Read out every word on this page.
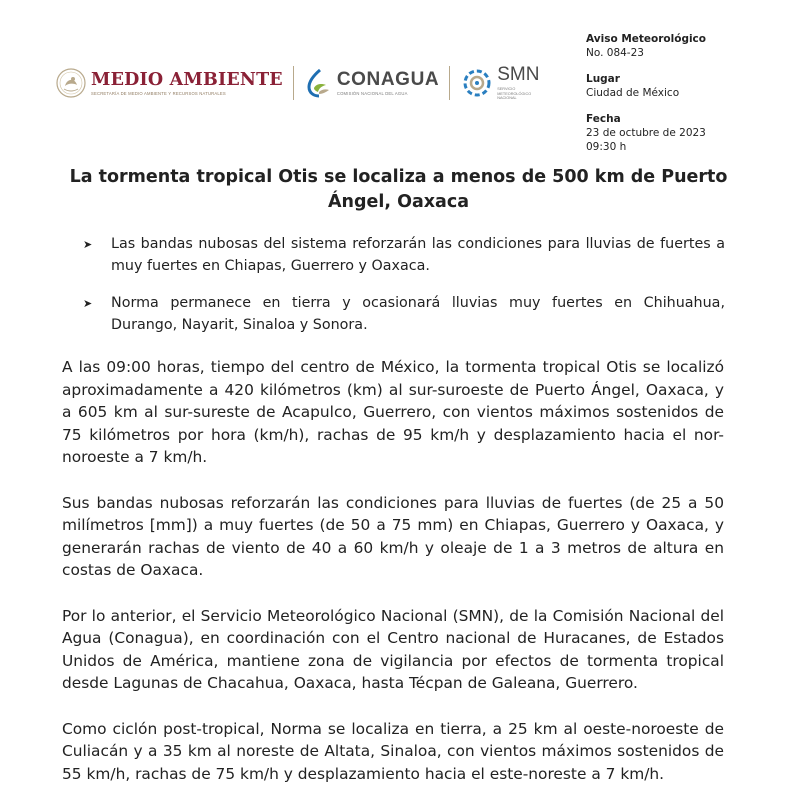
MEDIO AMBIENTE
SECRETARÍA DE MEDIO AMBIENTE Y RECURSOS NATURALES
CONAGUA
COMISIÓN NACIONAL DEL AGUA
SMN
SERVICIO
METEOROLÓGICO
NACIONAL
Aviso Meteorológico
No. 084-23
Lugar
Ciudad de México
Fecha
23 de octubre de 2023
09:30 h
La tormenta tropical Otis se localiza a menos de 500 km de Puerto Ángel, Oaxaca
➤	Las bandas nubosas del sistema reforzarán las condiciones para lluvias de fuertes a muy fuertes en Chiapas, Guerrero y Oaxaca.
➤	Norma permanece en tierra y ocasionará lluvias muy fuertes en Chihuahua, Durango, Nayarit, Sinaloa y Sonora.

A las 09:00 horas, tiempo del centro de México, la tormenta tropical Otis se localizó aproximadamente a 420 kilómetros (km) al sur-suroeste de Puerto Ángel, Oaxaca, y a 605 km al sur-sureste de Acapulco, Guerrero, con vientos máximos sostenidos de 75 kilómetros por hora (km/h), rachas de 95 km/h y desplazamiento hacia el nor-noroeste a 7 km/h.

Sus bandas nubosas reforzarán las condiciones para lluvias de fuertes (de 25 a 50 milímetros [mm]) a muy fuertes (de 50 a 75 mm) en Chiapas, Guerrero y Oaxaca, y generarán rachas de viento de 40 a 60 km/h y oleaje de 1 a 3 metros de altura en costas de Oaxaca.

Por lo anterior, el Servicio Meteorológico Nacional (SMN), de la Comisión Nacional del Agua (Conagua), en coordinación con el Centro nacional de Huracanes, de Estados Unidos de América, mantiene zona de vigilancia por efectos de tormenta tropical desde Lagunas de Chacahua, Oaxaca, hasta Técpan de Galeana, Guerrero.

Como ciclón post-tropical, Norma se localiza en tierra, a 25 km al oeste-noroeste de Culiacán y a 35 km al noreste de Altata, Sinaloa, con vientos máximos sostenidos de 55 km/h, rachas de 75 km/h y desplazamiento hacia el este-noreste a 7 km/h.
